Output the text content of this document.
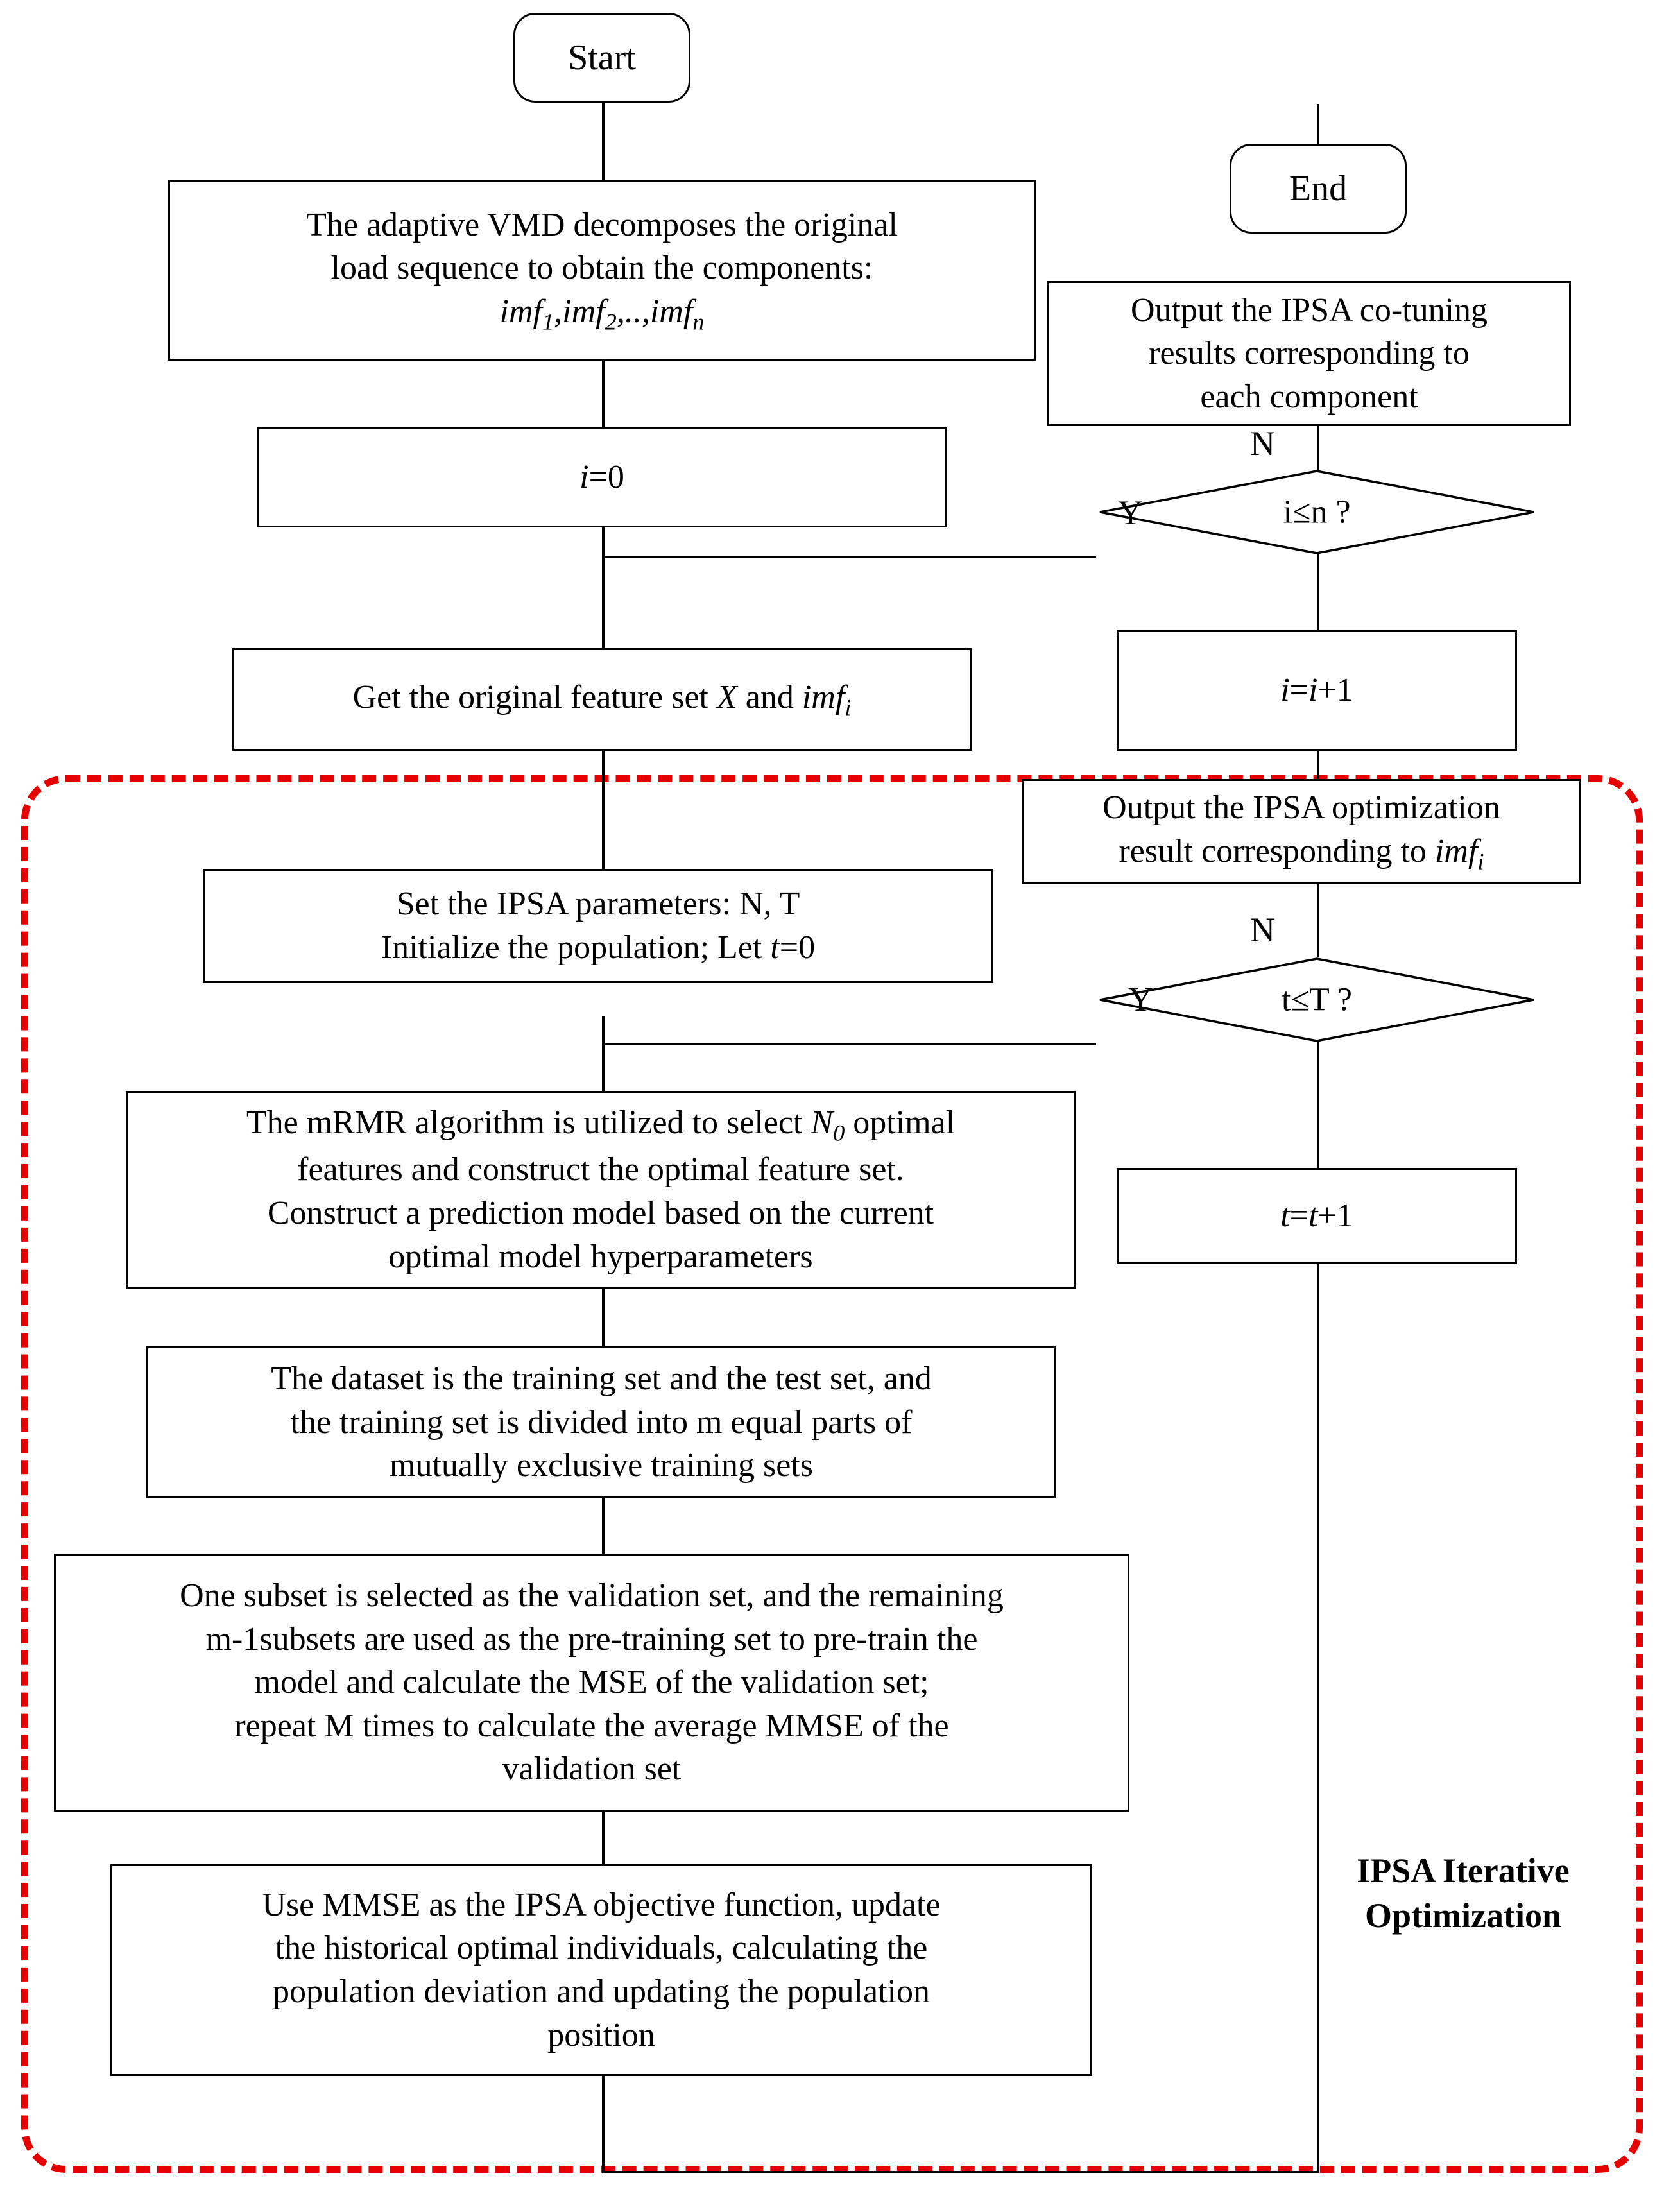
IPSA Iterative
Optimization
Start
The adaptive VMD decomposes the original
load sequence to obtain the components:
imf$_1$,imf$_2$,..,imf$_n$
End
Output the IPSA co-tuning
results corresponding to
each component
i=0
i≤n ?
N
Y
Get the original feature set X and imf$_i$	i=i+1
Output the IPSA optimization
result corresponding to imf$_i$
Set the IPSA parameters: N, T
Initialize the population; Let t=0
t≤T ?
N
Y
The mRMR algorithm is utilized to select $N_0$ optimal
features and construct the optimal feature set.
Construct a prediction model based on the current
optimal model hyperparameters
t=t+1
The dataset is the training set and the test set, and
the training set is divided into m equal parts of
mutually exclusive training sets
One subset is selected as the validation set, and the remaining
m-1subsets are used as the pre-training set to pre-train the
model and calculate the MSE of the validation set;
repeat M times to calculate the average MMSE of the
validation set
Use MMSE as the IPSA objective function, update
the historical optimal individuals, calculating the
population deviation and updating the population
position
